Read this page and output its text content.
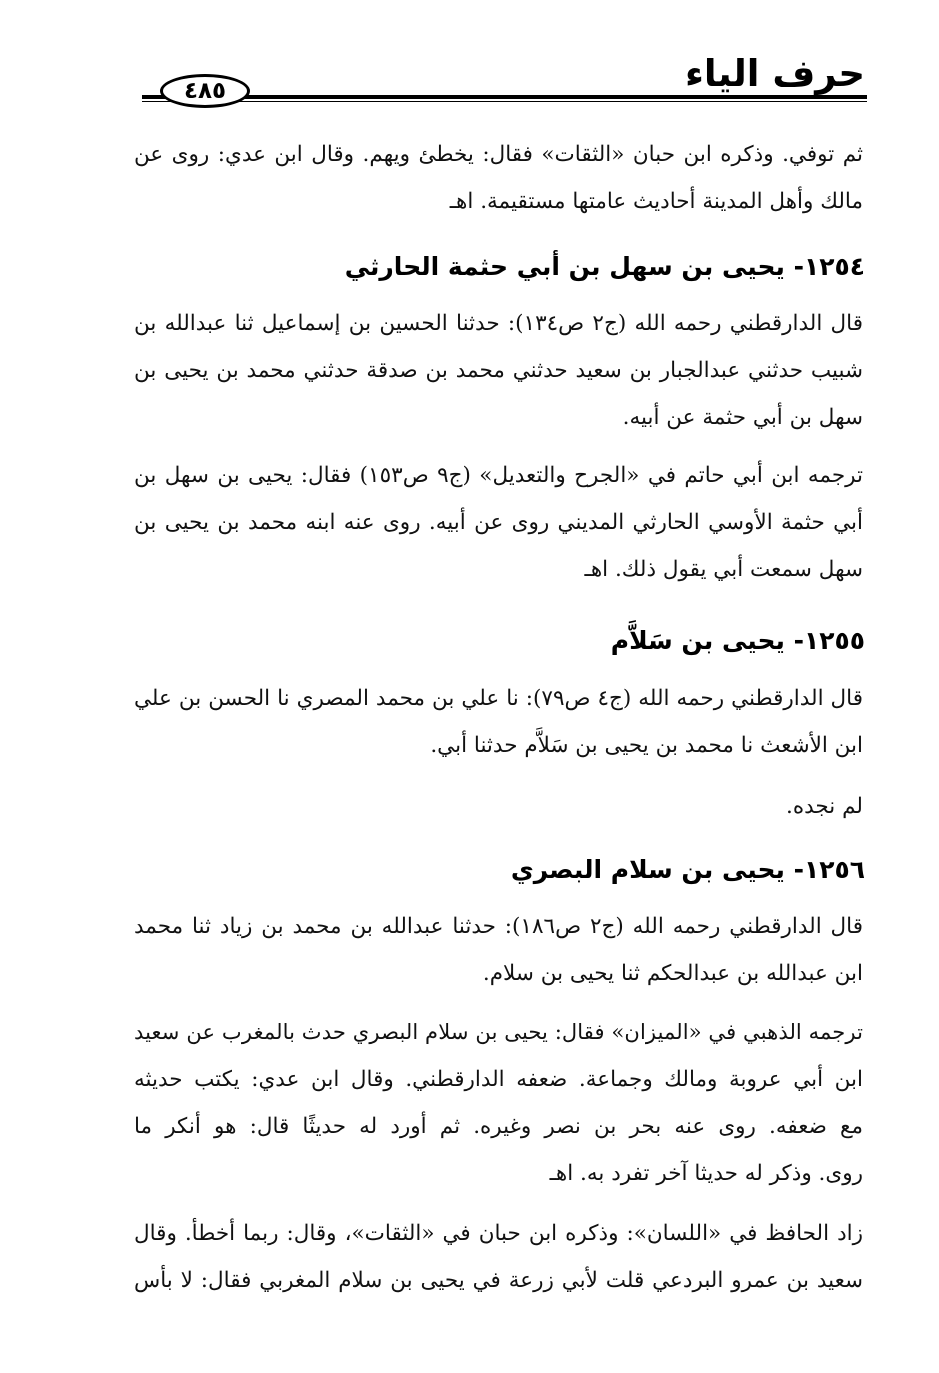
حرف الياء
٤٨٥
ثم توفي. وذكره ابن حبان «الثقات» فقال: يخطئ ويهم. وقال ابن عدي: روى عن
مالك وأهل المدينة أحاديث عامتها مستقيمة. اهـ
١٢٥٤- يحيى بن سهل بن أبي حثمة الحارثي
قال الدارقطني رحمه الله (ج٢ ص١٣٤): حدثنا الحسين بن إسماعيل ثنا عبدالله بن
شبيب حدثني عبدالجبار بن سعيد حدثني محمد بن صدقة حدثني محمد بن يحيى بن
سهل بن أبي حثمة عن أبيه.
ترجمه ابن أبي حاتم في «الجرح والتعديل» (ج٩ ص١٥٣) فقال: يحيى بن سهل بن
أبي حثمة الأوسي الحارثي المديني روى عن أبيه. روى عنه ابنه محمد بن يحيى بن
سهل سمعت أبي يقول ذلك. اهـ
١٢٥٥- يحيى بن سَلاَّم
قال الدارقطني رحمه الله (ج٤ ص٧٩): نا علي بن محمد المصري نا الحسن بن علي
ابن الأشعث نا محمد بن يحيى بن سَلاَّم حدثنا أبي.
لم نجده.
١٢٥٦- يحيى بن سلام البصري
قال الدارقطني رحمه الله (ج٢ ص١٨٦): حدثنا عبدالله بن محمد بن زياد ثنا محمد
ابن عبدالله بن عبدالحكم ثنا يحيى بن سلام.
ترجمه الذهبي في «الميزان» فقال: يحيى بن سلام البصري حدث بالمغرب عن سعيد
ابن أبي عروبة ومالك وجماعة. ضعفه الدارقطني. وقال ابن عدي: يكتب حديثه
مع ضعفه. روى عنه بحر بن نصر وغيره. ثم أورد له حديثًا قال: هو أنكر ما
روى. وذكر له حديثا آخر تفرد به. اهـ
زاد الحافظ في «اللسان»: وذكره ابن حبان في «الثقات»، وقال: ربما أخطأ. وقال
سعيد بن عمرو البردعي قلت لأبي زرعة في يحيى بن سلام المغربي فقال: لا بأس
